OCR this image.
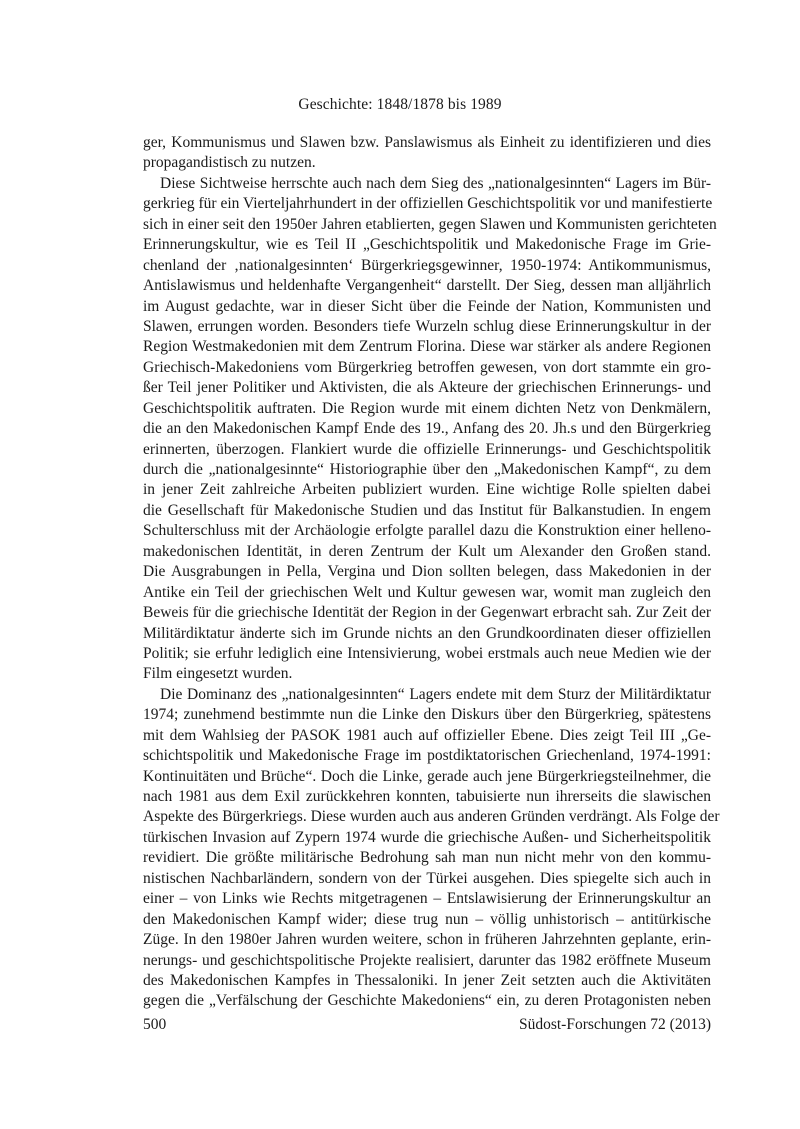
Geschichte: 1848/1878 bis 1989
ger, Kommunismus und Slawen bzw. Panslawismus als Einheit zu identifizieren und dies
propagandistisch zu nutzen.
Diese Sichtweise herrschte auch nach dem Sieg des „nationalgesinnten“ Lagers im Bür-
gerkrieg für ein Vierteljahrhundert in der offiziellen Geschichtspolitik vor und manifestierte
sich in einer seit den 1950er Jahren etablierten, gegen Slawen und Kommunisten gerichteten
Erinnerungskultur, wie es Teil II „Geschichtspolitik und Makedonische Frage im Grie-
chenland der ‚nationalgesinnten‘ Bürgerkriegsgewinner, 1950-1974: Antikommunismus,
Antislawismus und heldenhafte Vergangenheit“ darstellt. Der Sieg, dessen man alljährlich
im August gedachte, war in dieser Sicht über die Feinde der Nation, Kommunisten und
Slawen, errungen worden. Besonders tiefe Wurzeln schlug diese Erinnerungskultur in der
Region Westmakedonien mit dem Zentrum Florina. Diese war stärker als andere Regionen
Griechisch-Makedoniens vom Bürgerkrieg betroffen gewesen, von dort stammte ein gro-
ßer Teil jener Politiker und Aktivisten, die als Akteure der griechischen Erinnerungs- und
Geschichtspolitik auftraten. Die Region wurde mit einem dichten Netz von Denkmälern,
die an den Makedonischen Kampf Ende des 19., Anfang des 20. Jh.s und den Bürgerkrieg
erinnerten, überzogen. Flankiert wurde die offizielle Erinnerungs- und Geschichtspolitik
durch die „nationalgesinnte“ Historiographie über den „Makedonischen Kampf“, zu dem
in jener Zeit zahlreiche Arbeiten publiziert wurden. Eine wichtige Rolle spielten dabei
die Gesellschaft für Makedonische Studien und das Institut für Balkanstudien. In engem
Schulterschluss mit der Archäologie erfolgte parallel dazu die Konstruktion einer helleno-
makedonischen Identität, in deren Zentrum der Kult um Alexander den Großen stand.
Die Ausgrabungen in Pella, Vergina und Dion sollten belegen, dass Makedonien in der
Antike ein Teil der griechischen Welt und Kultur gewesen war, womit man zugleich den
Beweis für die griechische Identität der Region in der Gegenwart erbracht sah. Zur Zeit der
Militärdiktatur änderte sich im Grunde nichts an den Grundkoordinaten dieser offiziellen
Politik; sie erfuhr lediglich eine Intensivierung, wobei erstmals auch neue Medien wie der
Film eingesetzt wurden.
Die Dominanz des „nationalgesinnten“ Lagers endete mit dem Sturz der Militärdiktatur
1974; zunehmend bestimmte nun die Linke den Diskurs über den Bürgerkrieg, spätestens
mit dem Wahlsieg der PASOK 1981 auch auf offizieller Ebene. Dies zeigt Teil III „Ge-
schichtspolitik und Makedonische Frage im postdiktatorischen Griechenland, 1974-1991:
Kontinuitäten und Brüche“. Doch die Linke, gerade auch jene Bürgerkriegsteilnehmer, die
nach 1981 aus dem Exil zurückkehren konnten, tabuisierte nun ihrerseits die slawischen
Aspekte des Bürgerkriegs. Diese wurden auch aus anderen Gründen verdrängt. Als Folge der
türkischen Invasion auf Zypern 1974 wurde die griechische Außen- und Sicherheitspolitik
revidiert. Die größte militärische Bedrohung sah man nun nicht mehr von den kommu-
nistischen Nachbarländern, sondern von der Türkei ausgehen. Dies spiegelte sich auch in
einer – von Links wie Rechts mitgetragenen – Entslawisierung der Erinnerungskultur an
den Makedonischen Kampf wider; diese trug nun – völlig unhistorisch – antitürkische
Züge. In den 1980er Jahren wurden weitere, schon in früheren Jahrzehnten geplante, erin-
nerungs- und geschichtspolitische Projekte realisiert, darunter das 1982 eröffnete Museum
des Makedonischen Kampfes in Thessaloniki. In jener Zeit setzten auch die Aktivitäten
gegen die „Verfälschung der Geschichte Makedoniens“ ein, zu deren Protagonisten neben
500	Südost-Forschungen 72 (2013)
